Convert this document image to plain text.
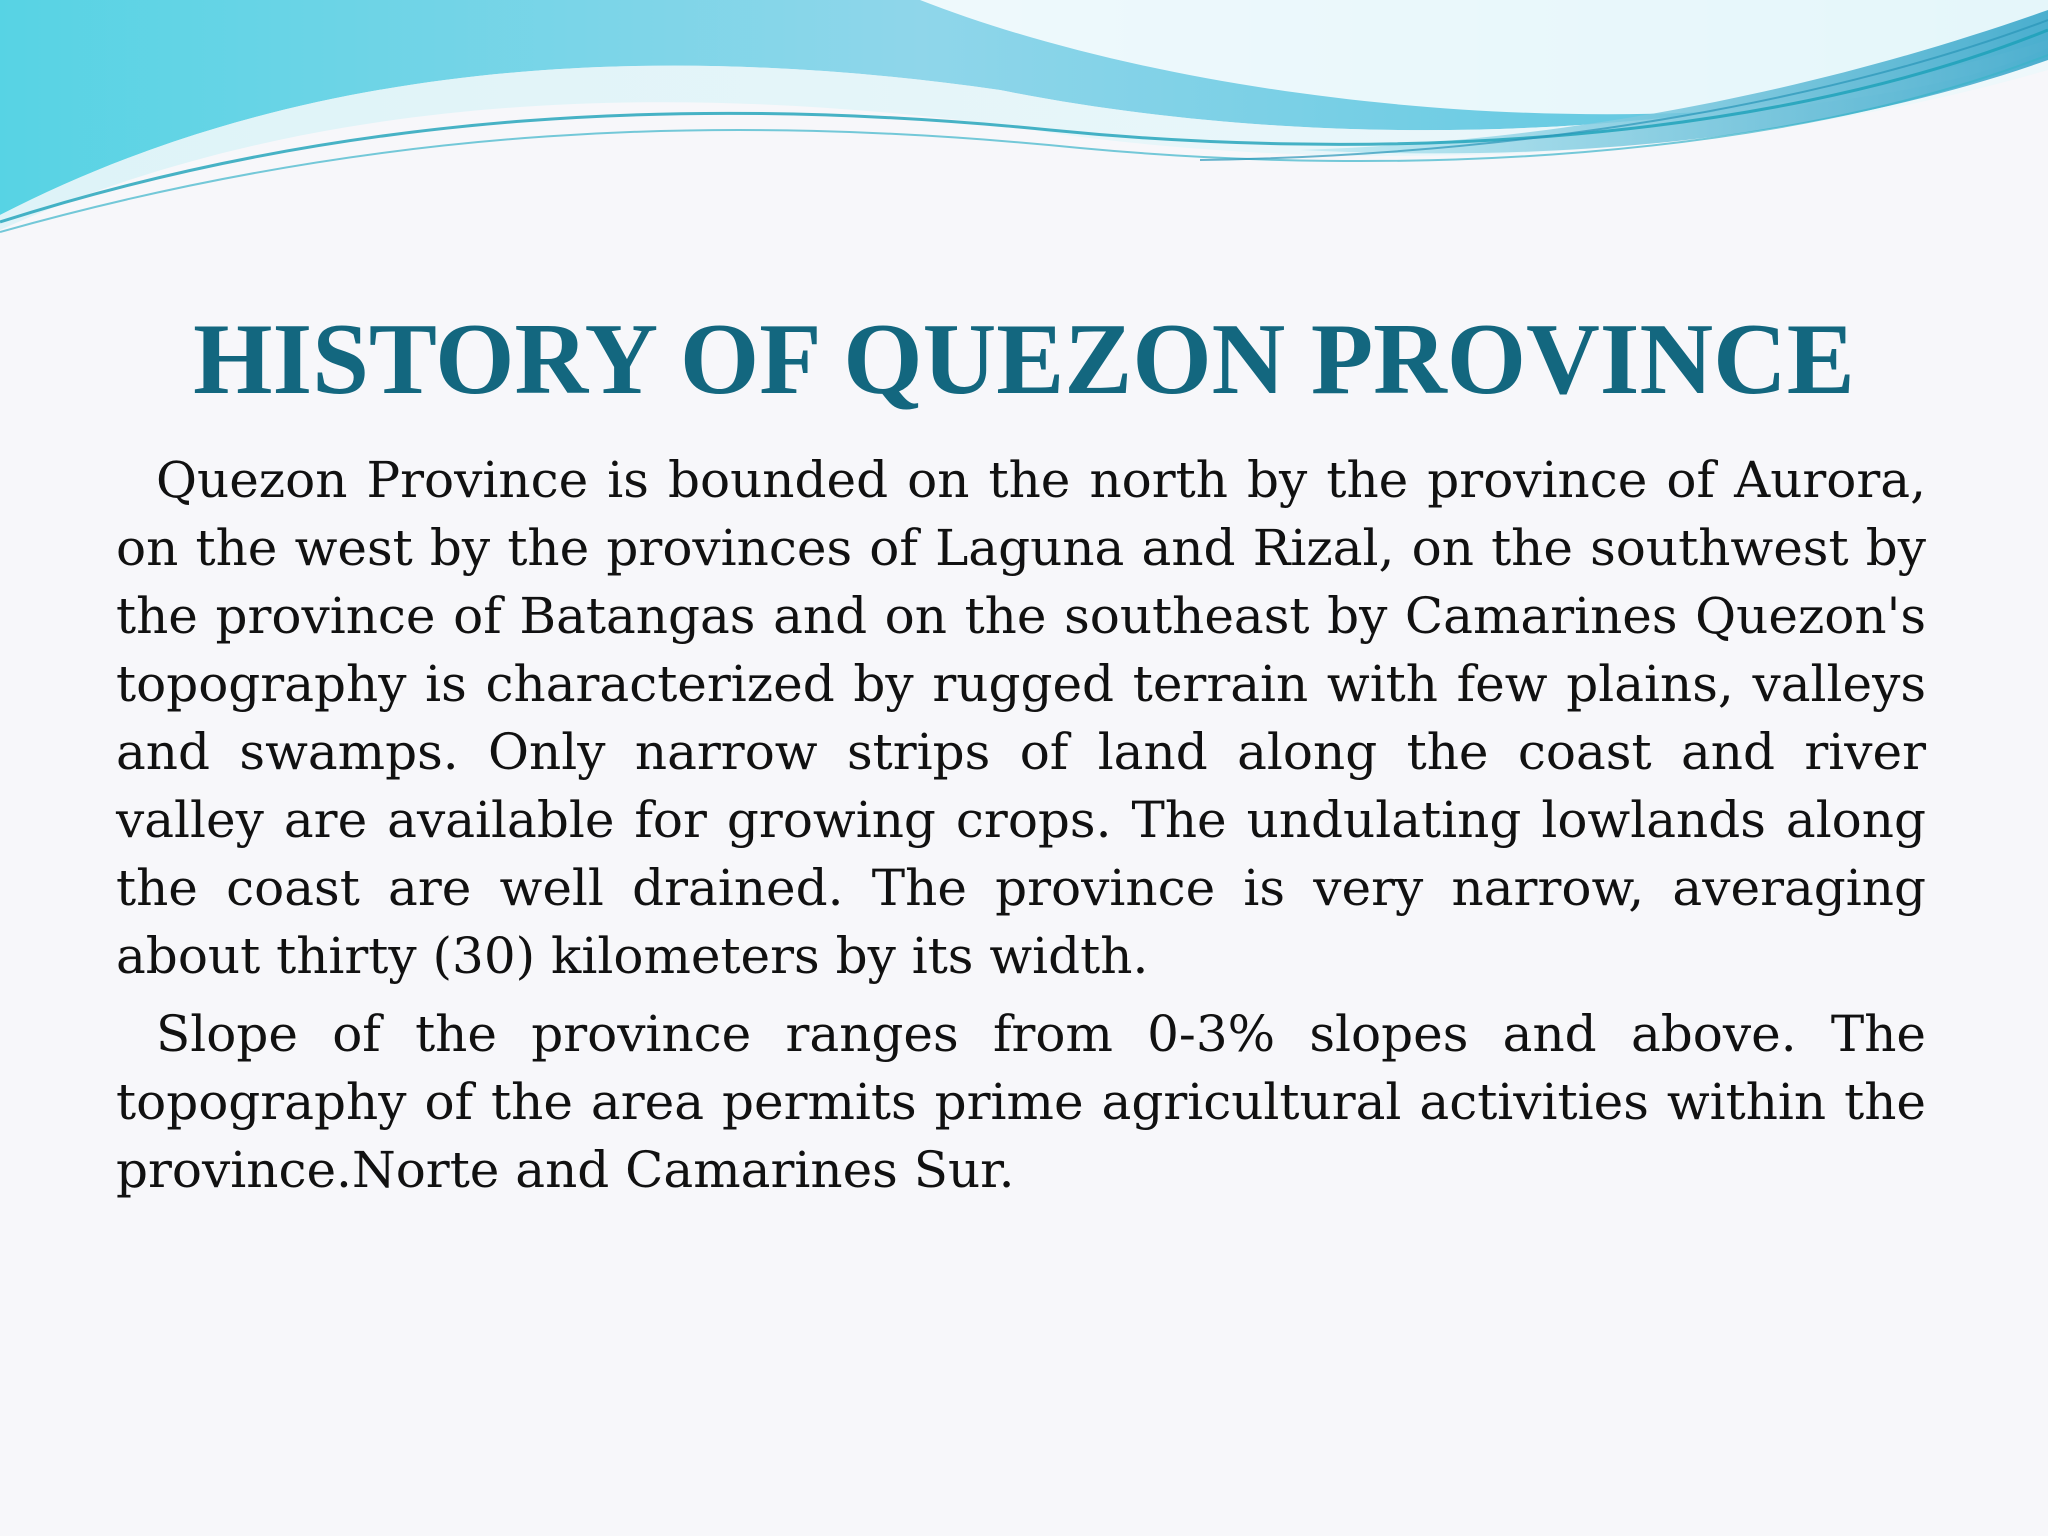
HISTORY OF QUEZON PROVINCE

Quezon Province is bounded on the north by the province of Aurora, on the west by the provinces of Laguna and Rizal, on the southwest by the province of Batangas and on the southeast by Camarines Quezon's topography is characterized by rugged terrain with few plains, valleys and swamps. Only narrow strips of land along the coast and river valley are available for growing crops. The undulating lowlands along the coast are well drained. The province is very narrow, averaging about thirty (30) kilometers by its width.

Slope of the province ranges from 0-3% slopes and above. The topography of the area permits prime agricultural activities within the province.Norte and Camarines Sur.
